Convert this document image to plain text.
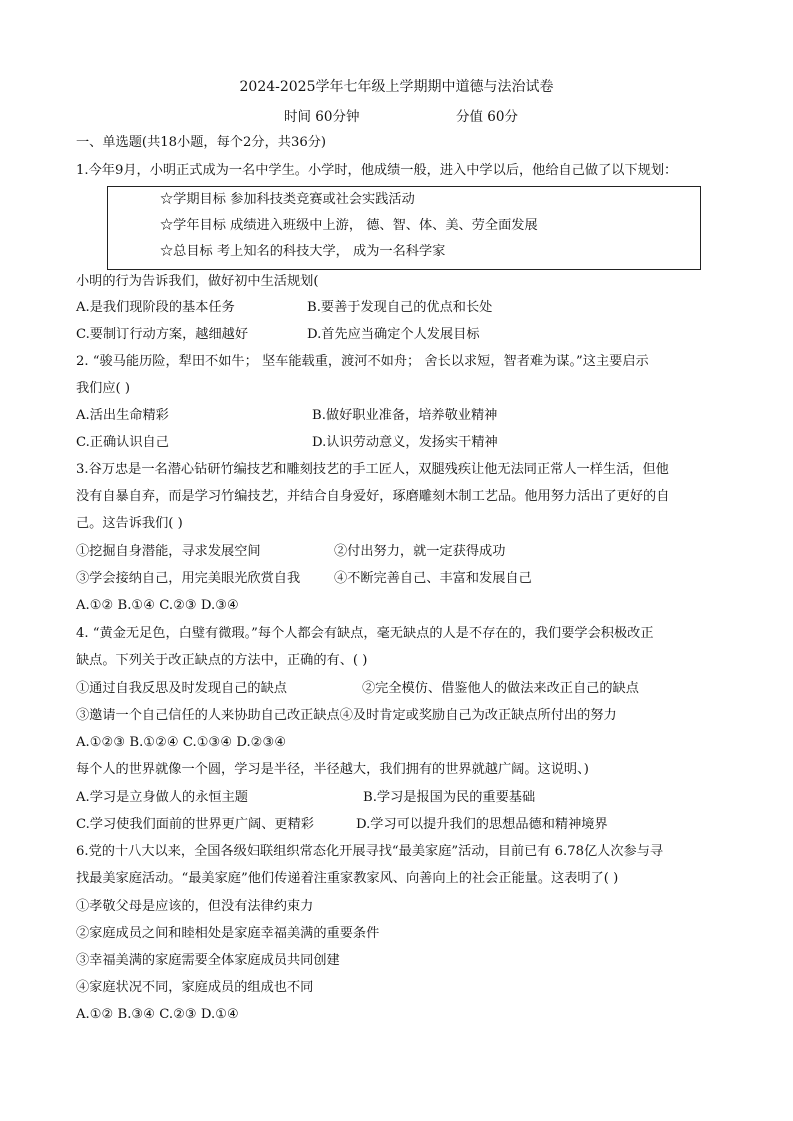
2024-2025学年七年级上学期期中道德与法治试卷
时间 60分钟	分值 60分
一、单选题(共18小题，每个2分，共36分)
1.今年9月，小明正式成为一名中学生。小学时，他成绩一般，进入中学以后，他给自己做了以下规划：
☆学期目标 参加科技类竞赛或社会实践活动
☆学年目标 成绩进入班级中上游， 德、智、体、美、劳全面发展
☆总目标 考上知名的科技大学， 成为一名科学家
小明的行为告诉我们，做好初中生活规划(
A.是我们现阶段的基本任务	B.要善于发现自己的优点和长处
C.要制订行动方案，越细越好	D.首先应当确定个人发展目标
2. “骏马能历险，犁田不如牛； 坚车能载重，渡河不如舟； 舍长以求短，智者难为谋。”这主要启示
我们应( )
A.活出生命精彩	B.做好职业准备，培养敬业精神
C.正确认识自己	D.认识劳动意义，发扬实干精神
3.谷万忠是一名潜心钻研竹编技艺和雕刻技艺的手工匠人，双腿残疾让他无法同正常人一样生活，但他
没有自暴自弃，而是学习竹编技艺，并结合自身爱好，琢磨雕刻木制工艺品。他用努力活出了更好的自
己。这告诉我们( )
①挖掘自身潜能，寻求发展空间	②付出努力，就一定获得成功
③学会接纳自己，用完美眼光欣赏自我	④不断完善自己、丰富和发展自己
A.①② B.①④ C.②③ D.③④
4. “黄金无足色，白璧有微瑕。”每个人都会有缺点，毫无缺点的人是不存在的，我们要学会积极改正
缺点。下列关于改正缺点的方法中，正确的有、( )
①通过自我反思及时发现自己的缺点	②完全模仿、借鉴他人的做法来改正自己的缺点
③邀请一个自己信任的人来协助自己改正缺点④及时肯定或奖励自己为改正缺点所付出的努力
A.①②③ B.①②④ C.①③④ D.②③④
每个人的世界就像一个圆，学习是半径，半径越大，我们拥有的世界就越广阔。这说明、)
A.学习是立身做人的永恒主题	B.学习是报国为民的重要基础
C.学习使我们面前的世界更广阔、更精彩	D.学习可以提升我们的思想品德和精神境界
6.党的十八大以来，全国各级妇联组织常态化开展寻找“最美家庭”活动，目前已有 6.78亿人次参与寻
找最美家庭活动。“最美家庭”他们传递着注重家教家风、向善向上的社会正能量。这表明了( )
①孝敬父母是应该的，但没有法律约束力
②家庭成员之间和睦相处是家庭幸福美满的重要条件
③幸福美满的家庭需要全体家庭成员共同创建
④家庭状况不同，家庭成员的组成也不同
A.①② B.③④ C.②③ D.①④
